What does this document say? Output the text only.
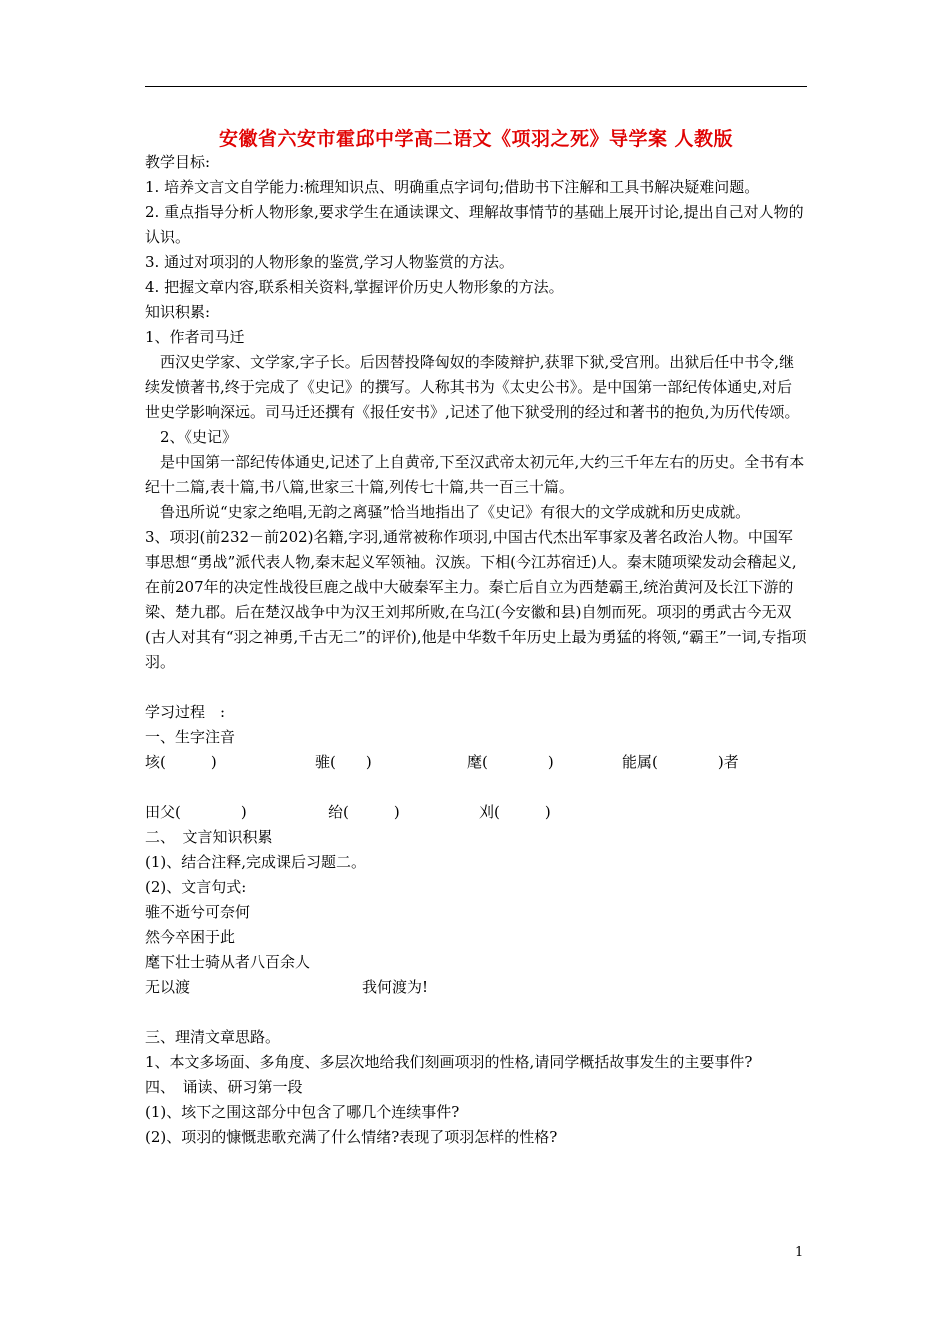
安徽省六安市霍邱中学高二语文《项羽之死》导学案 人教版

教学目标:

1. 培养文言文自学能力:梳理知识点、明确重点字词句;借助书下注解和工具书解决疑难问题。

2. 重点指导分析人物形象,要求学生在通读课文、理解故事情节的基础上展开讨论,提出自己对人物的认识。

3. 通过对项羽的人物形象的鉴赏,学习人物鉴赏的方法。

4. 把握文章内容,联系相关资料,掌握评价历史人物形象的方法。

知识积累:

1、作者司马迁

　西汉史学家、文学家,字子长。后因替投降匈奴的李陵辩护,获罪下狱,受宫刑。出狱后任中书令,继续发愤著书,终于完成了《史记》的撰写。人称其书为《太史公书》。是中国第一部纪传体通史,对后世史学影响深远。司马迁还撰有《报任安书》,记述了他下狱受刑的经过和著书的抱负,为历代传颂。

　2、《史记》

　是中国第一部纪传体通史,记述了上自黄帝,下至汉武帝太初元年,大约三千年左右的历史。全书有本纪十二篇,表十篇,书八篇,世家三十篇,列传七十篇,共一百三十篇。

　鲁迅所说“史家之绝唱,无韵之离骚”恰当地指出了《史记》有很大的文学成就和历史成就。

3、项羽(前232－前202)名籍,字羽,通常被称作项羽,中国古代杰出军事家及著名政治人物。中国军事思想“勇战”派代表人物,秦末起义军领袖。汉族。下相(今江苏宿迁)人。秦末随项梁发动会稽起义,在前207年的决定性战役巨鹿之战中大破秦军主力。秦亡后自立为西楚霸王,统治黄河及长江下游的梁、楚九郡。后在楚汉战争中为汉王刘邦所败,在乌江(今安徽和县)自刎而死。项羽的勇武古今无双(古人对其有“羽之神勇,千古无二”的评价),他是中华数千年历史上最为勇猛的将领,“霸王”一词,专指项羽。

学习过程　:

一、生字注音

垓(　　　)	骓(　　)	麾(　　　　)	能属(　　　　)者
田父(　　　　)	绐(　　　)	刈(　　　)

二、　文言知识积累

(1)、结合注释,完成课后习题二。

(2)、文言句式:

骓不逝兮可奈何

然今卒困于此

麾下壮士骑从者八百余人

无以渡	我何渡为!

三、理清文章思路。

1、本文多场面、多角度、多层次地给我们刻画项羽的性格,请同学概括故事发生的主要事件?

四、　诵读、研习第一段

(1)、垓下之围这部分中包含了哪几个连续事件?

(2)、项羽的慷慨悲歌充满了什么情绪?表现了项羽怎样的性格?

1
